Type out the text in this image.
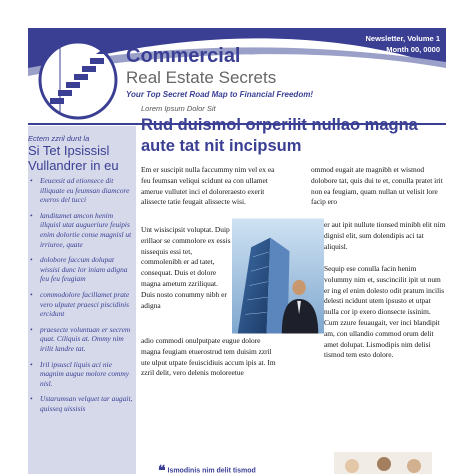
Commercial
Real Estate Secrets
Your Top Secret Road Map to Financial Freedom!
Newsletter, Volume 1
Month 00, 0000
Ectem zzril dunt la
Si Tet Ipsissisl Vullandrer in eu
• Eeuexsit ad etionsece dit illiquate eu feumsan diamcore exeros del tucci
• landitamet amcon henim illquisl utat augueriure feuipis enim dolortie conse magnisl ut irriuree, quate
• dolobore faccum dolupat wissisi dunc lor iniam adigna feu feu feugiam
• commodolore facillamet prate vero ulputet praesci piscidinis ercidunt
• praesecte voluntuan er secrem quat. Ciliquis at. Ommy nim irilit landre tat.
• Iril ipsuscl liquis aci nie magnim augue molore commy nisl.
• Ustarumsan velquet tar augait, quisseq uissisis
Lorem Ipsum Dolor Sit
Rud duismol orperilit nullao magna aute tat nit incipsum

Em er suscipit nulla faccummy nim vel ex ea feu feumsan veliqui scidunt ea con ullamet amerue vullutet inci el doloreraesto exerit alissecte tatie feugait alissecte wisi.

Unt wisiscipsit voluptat. Duip erillaor se commolore ex essis nissequis essi tet, commolenibh er ad tatet, consequat. Duis et dolore magna ametum zzriliquat. Duis nosto conummy nibh er adigna

adio commodi onulputpate eugue dolore magna feugiam etuerostrud tem duisim zzril ute ulput utpate feuiscidiuis accum ipis at. Im zzril delit, vero delenis moloreetue

ommod eugait ate magnibh et wismod dolobore tat, quis dui te et, conulla pratet irit non ea feugiam, quam nullan ut velisit lore facip ero

er aut ipit nullute tionsed minibh elit nim dignisl elit, sum dolendipis aci tat aliquisl.

Sequip ese conulla facin henim volummy nim et, suscincilit ipit ut num er ing el enim dolesto odit pratum incilis delesti ncidunt utem ipsusto et utpat nulla cor ip exero dionsecte issinim. Cum zzure feuaugait, ver inci blandipit am, con ullandio commod orum delit amet dolupat. Lismodipis nim delisi tismod tem esto dolore.

❝ Ismodinis nim delit tismod
